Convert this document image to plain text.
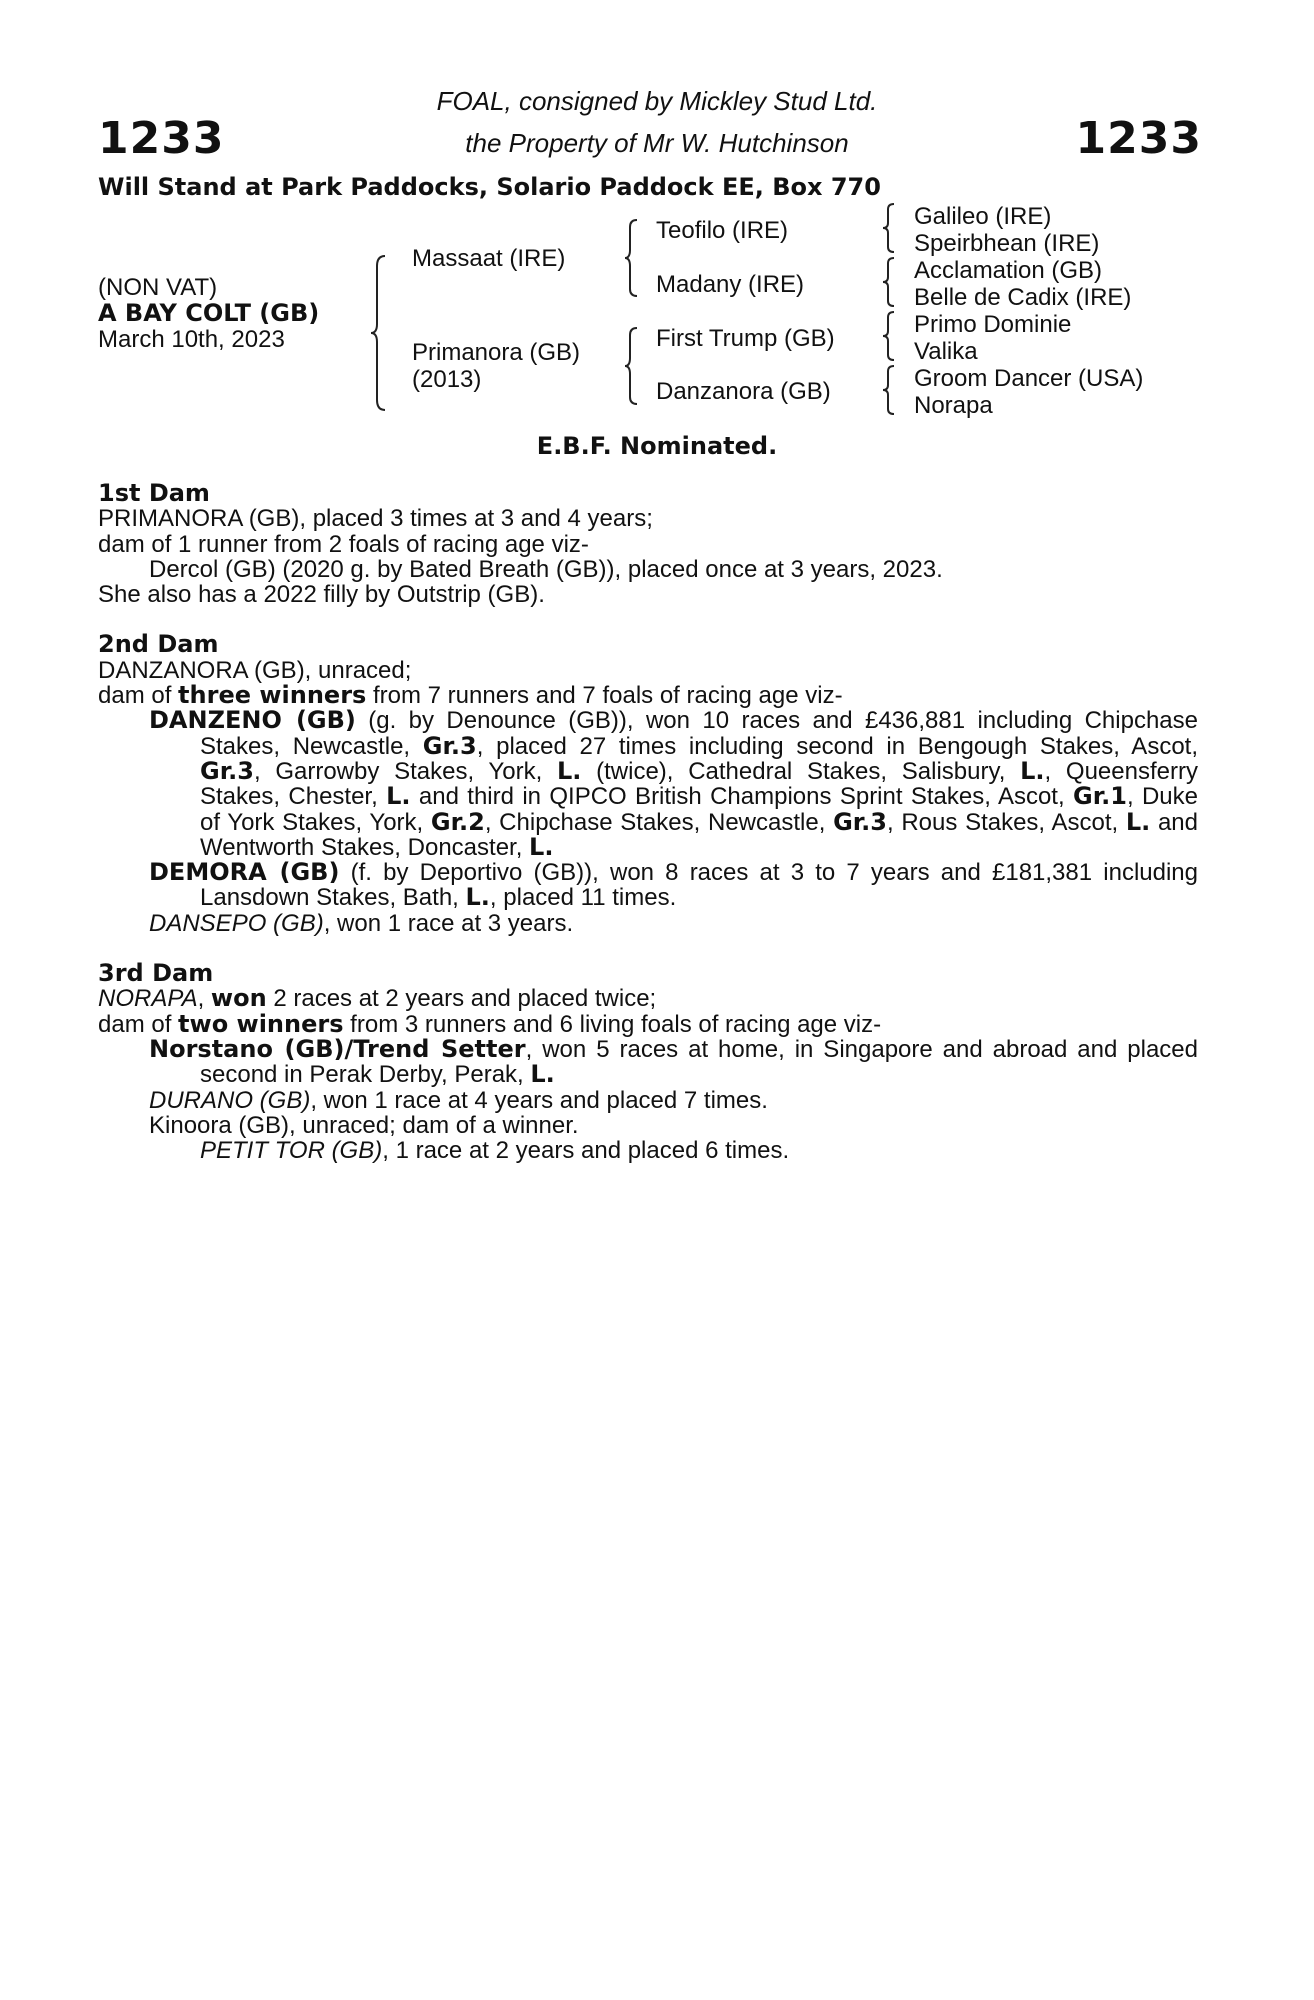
1233	1233
FOAL, consigned by Mickley Stud Ltd.
the Property of Mr W. Hutchinson
Will Stand at Park Paddocks, Solario Paddock EE, Box 770
(NON VAT)
A BAY COLT (GB)
March 10th, 2023
Massaat (IRE)
Primanora (GB)
(2013)
Teofilo (IRE)
Madany (IRE)
First Trump (GB)
Danzanora (GB)
Galileo (IRE)
Speirbhean (IRE)
Acclamation (GB)
Belle de Cadix (IRE)
Primo Dominie
Valika
Groom Dancer (USA)
Norapa
E.B.F. Nominated.

1st Dam

PRIMANORA (GB), placed 3 times at 3 and 4 years;

dam of 1 runner from 2 foals of racing age viz-

Dercol (GB) (2020 g. by Bated Breath (GB)), placed once at 3 years, 2023.

She also has a 2022 filly by Outstrip (GB).

2nd Dam

DANZANORA (GB), unraced;

dam of three winners from 7 runners and 7 foals of racing age viz-

DANZENO (GB) (g. by Denounce (GB)), won 10 races and £436,881 including Chipchase Stakes, Newcastle, Gr.3, placed 27 times including second in Bengough Stakes, Ascot, Gr.3, Garrowby Stakes, York, L. (twice), Cathedral Stakes, Salisbury, L., Queensferry Stakes, Chester, L. and third in QIPCO British Champions Sprint Stakes, Ascot, Gr.1, Duke of York Stakes, York, Gr.2, Chipchase Stakes, Newcastle, Gr.3, Rous Stakes, Ascot, L. and Wentworth Stakes, Doncaster, L.

DEMORA (GB) (f. by Deportivo (GB)), won 8 races at 3 to 7 years and £181,381 including Lansdown Stakes, Bath, L., placed 11 times.

DANSEPO (GB), won 1 race at 3 years.

3rd Dam

NORAPA, won 2 races at 2 years and placed twice;

dam of two winners from 3 runners and 6 living foals of racing age viz-

Norstano (GB)/Trend Setter, won 5 races at home, in Singapore and abroad and placed second in Perak Derby, Perak, L.

DURANO (GB), won 1 race at 4 years and placed 7 times.

Kinoora (GB), unraced; dam of a winner.

PETIT TOR (GB), 1 race at 2 years and placed 6 times.
